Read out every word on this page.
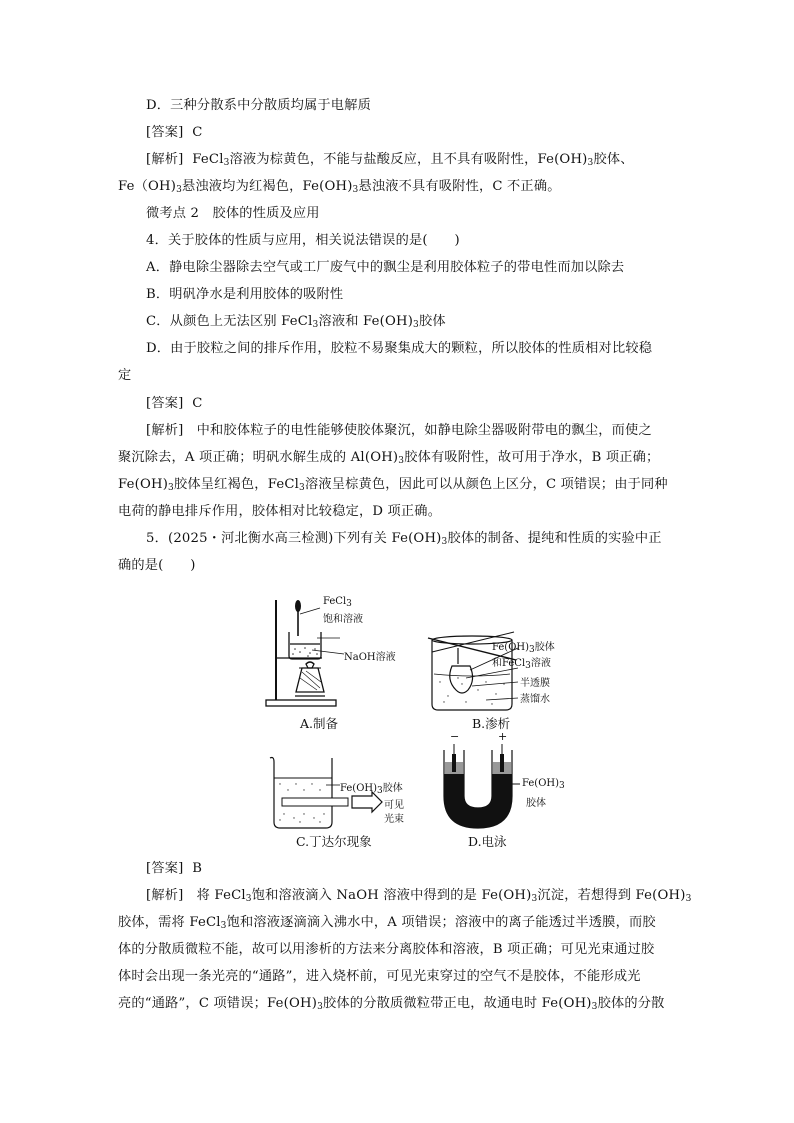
D．三种分散系中分散质均属于电解质
[答案] C
[解析] FeCl$_3$溶液为棕黄色，不能与盐酸反应，且不具有吸附性，$Fe(OH)_3$胶体、
$Fe(OH)_3$悬浊液均为红褐色，$Fe(OH)_3$悬浊液不具有吸附性，C 不正确。
微考点 2　胶体的性质及应用
4．关于胶体的性质与应用，相关说法错误的是(　　)
A．静电除尘器除去空气或工厂废气中的飘尘是利用胶体粒子的带电性而加以除去
B．明矾净水是利用胶体的吸附性
C．从颜色上无法区别 FeCl$_3$溶液和 $Fe(OH)_3$胶体
D．由于胶粒之间的排斥作用，胶粒不易聚集成大的颗粒，所以胶体的性质相对比较稳
定
[答案] C
[解析] 中和胶体粒子的电性能够使胶体聚沉，如静电除尘器吸附带电的飘尘，而使之
聚沉除去，A 项正确；明矾水解生成的 $Al(OH)_3$胶体有吸附性，故可用于净水，B 项正确；
$Fe(OH)_3$胶体呈红褐色，FeCl$_3$溶液呈棕黄色，因此可以从颜色上区分，C 项错误；由于同种
电荷的静电排斥作用，胶体相对比较稳定，D 项正确。
5．(2025・河北衡水高三检测)下列有关 $Fe(OH)_3$胶体的制备、提纯和性质的实验中正
确的是(　　)
FeCl$_3$
饱和溶液
NaOH溶液
A.制备
$Fe(OH)_3$胶体
和FeCl$_3$溶液
半透膜
蒸馏水
B.渗析
$Fe(OH)_3$胶体
可见
光束
C.丁达尔现象
−	+
$Fe(OH)_3$
胶体
D.电泳
[答案] B
[解析] 将 FeCl$_3$饱和溶液滴入 NaOH 溶液中得到的是 $Fe(OH)_3$沉淀，若想得到 $Fe(OH)_3$
胶体，需将 FeCl$_3$饱和溶液逐滴滴入沸水中，A 项错误；溶液中的离子能透过半透膜，而胶
体的分散质微粒不能，故可以用渗析的方法来分离胶体和溶液，B 项正确；可见光束通过胶
体时会出现一条光亮的“通路”，进入烧杯前，可见光束穿过的空气不是胶体，不能形成光
亮的“通路”，C 项错误；$Fe(OH)_3$胶体的分散质微粒带正电，故通电时 $Fe(OH)_3$胶体的分散
